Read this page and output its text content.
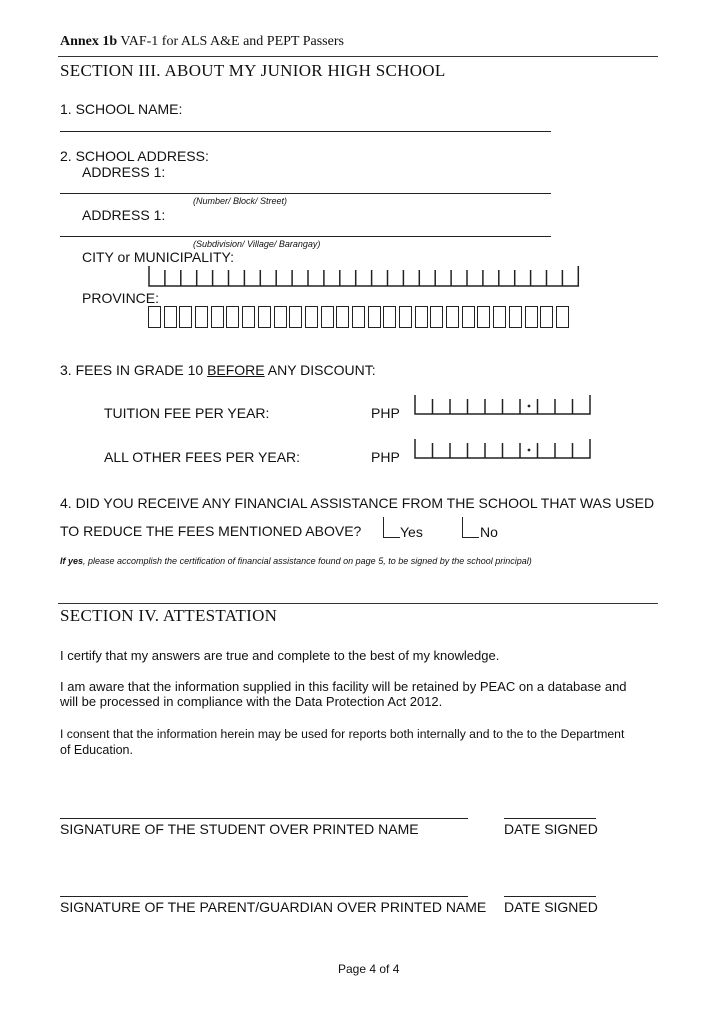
Annex 1b VAF-1 for ALS A&E and PEPT Passers
SECTION III. ABOUT MY JUNIOR HIGH SCHOOL
1. SCHOOL NAME:
2. SCHOOL ADDRESS:
ADDRESS 1:
(Number/ Block/ Street)
ADDRESS 1:
(Subdivision/ Village/ Barangay)
CITY or MUNICIPALITY:
PROVINCE:
3. FEES IN GRADE 10 BEFORE ANY DISCOUNT:
TUITION FEE PER YEAR:	PHP
ALL OTHER FEES PER YEAR:	PHP
4. DID YOU RECEIVE ANY FINANCIAL ASSISTANCE FROM THE SCHOOL THAT WAS USED
TO REDUCE THE FEES MENTIONED ABOVE?	Yes	No
If yes, please accomplish the certification of financial assistance found on page 5, to be signed by the school principal)
SECTION IV. ATTESTATION
I certify that my answers are true and complete to the best of my knowledge.
I am aware that the information supplied in this facility will be retained by PEAC on a database and
will be processed in compliance with the Data Protection Act 2012.
I consent that the information herein may be used for reports both internally and to the to the Department
of Education.
SIGNATURE OF THE STUDENT OVER PRINTED NAME	DATE SIGNED
SIGNATURE OF THE PARENT/GUARDIAN OVER PRINTED NAME DATE SIGNED
Page 4 of 4
